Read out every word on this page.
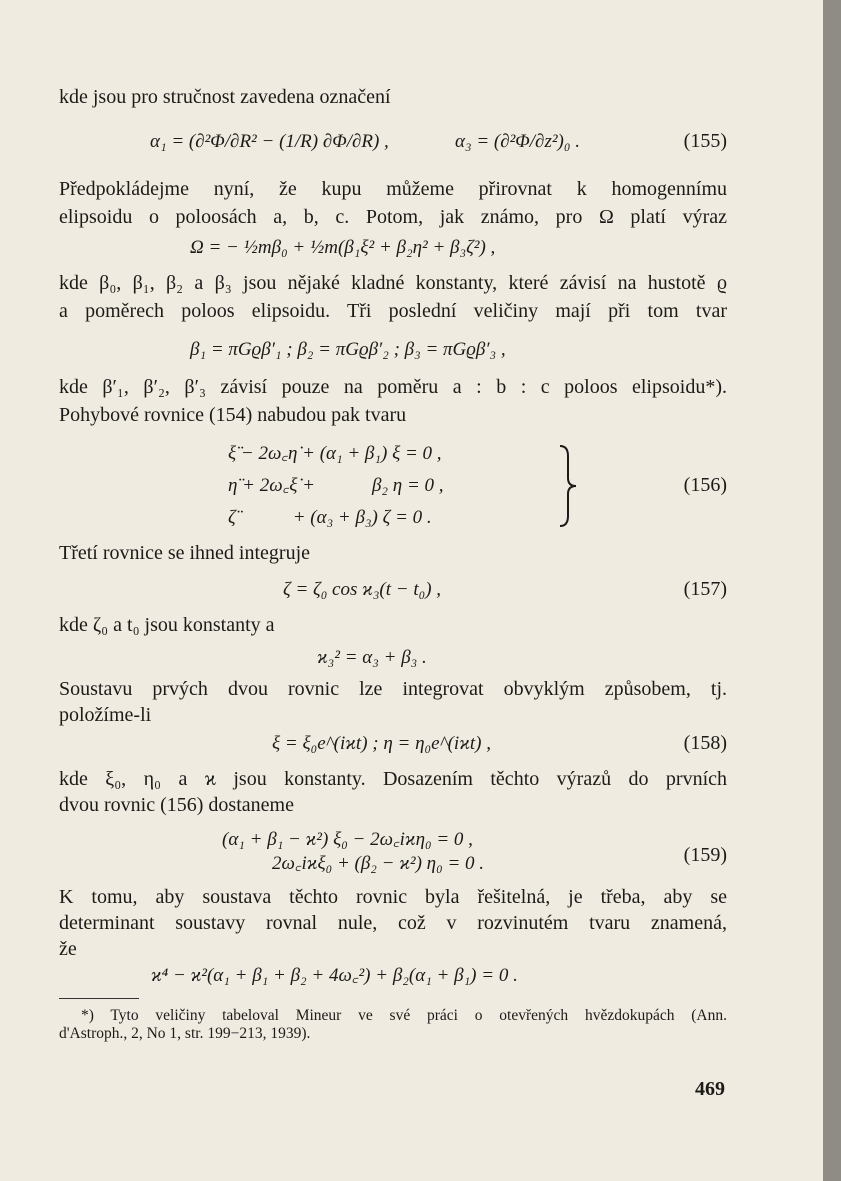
kde jsou pro stručnost zavedena označení
α₁ = (∂²Φ/∂R² − (1/R) ∂Φ/∂R) ,	α₃ = (∂²Φ/∂z²)₀ .	(155)
Předpokládejme nyní, že kupu můžeme přirovnat k homogennímu
elipsoidu o poloosách a, b, c. Potom, jak známo, pro Ω platí výraz
Ω = − ½mβ₀ + ½m(β₁ξ² + β₂η² + β₃ζ²) ,
kde β₀, β₁, β₂ a β₃ jsou nějaké kladné konstanty, které závisí na hustotě ϱ
a poměrech poloos elipsoidu. Tři poslední veličiny mají při tom tvar
β₁ = πGϱβ′₁ ; β₂ = πGϱβ′₂ ; β₃ = πGϱβ′₃ ,
kde β′₁, β′₂, β′₃ závisí pouze na poměru a : b : c poloos elipsoidu*).
Pohybové rovnice (154) nabudou pak tvaru
ξ̈ − 2ω꜀η̇ + (α₁ + β₁) ξ = 0 ,
η̈ + 2ω꜀ξ̇ +            β₂ η = 0 ,
ζ̈            + (α₃ + β₃) ζ = 0 .
(156)
Třetí rovnice se ihned integruje
ζ = ζ₀ cos ϰ₃(t − t₀) ,	(157)
kde ζ₀ a t₀ jsou konstanty a
ϰ₃² = α₃ + β₃ .
Soustavu prvých dvou rovnic lze integrovat obvyklým způsobem, tj.
položíme-li
ξ = ξ₀e^(iϰt) ; η = η₀e^(iϰt) ,	(158)
kde ξ₀, η₀ a ϰ jsou konstanty. Dosazením těchto výrazů do prvních
dvou rovnic (156) dostaneme
(α₁ + β₁ − ϰ²) ξ₀ − 2ω꜀iϰη₀ = 0 ,
2ω꜀iϰξ₀ + (β₂ − ϰ²) η₀ = 0 .	(159)
K tomu, aby soustava těchto rovnic byla řešitelná, je třeba, aby se
determinant soustavy rovnal nule, což v rozvinutém tvaru znamená,
že
ϰ⁴ − ϰ²(α₁ + β₁ + β₂ + 4ω꜀²) + β₂(α₁ + β₁) = 0 .
*) Tyto veličiny tabeloval Mineur ve své práci o otevřených hvězdokupách (Ann.
d'Astroph., 2, No 1, str. 199−213, 1939).
469
